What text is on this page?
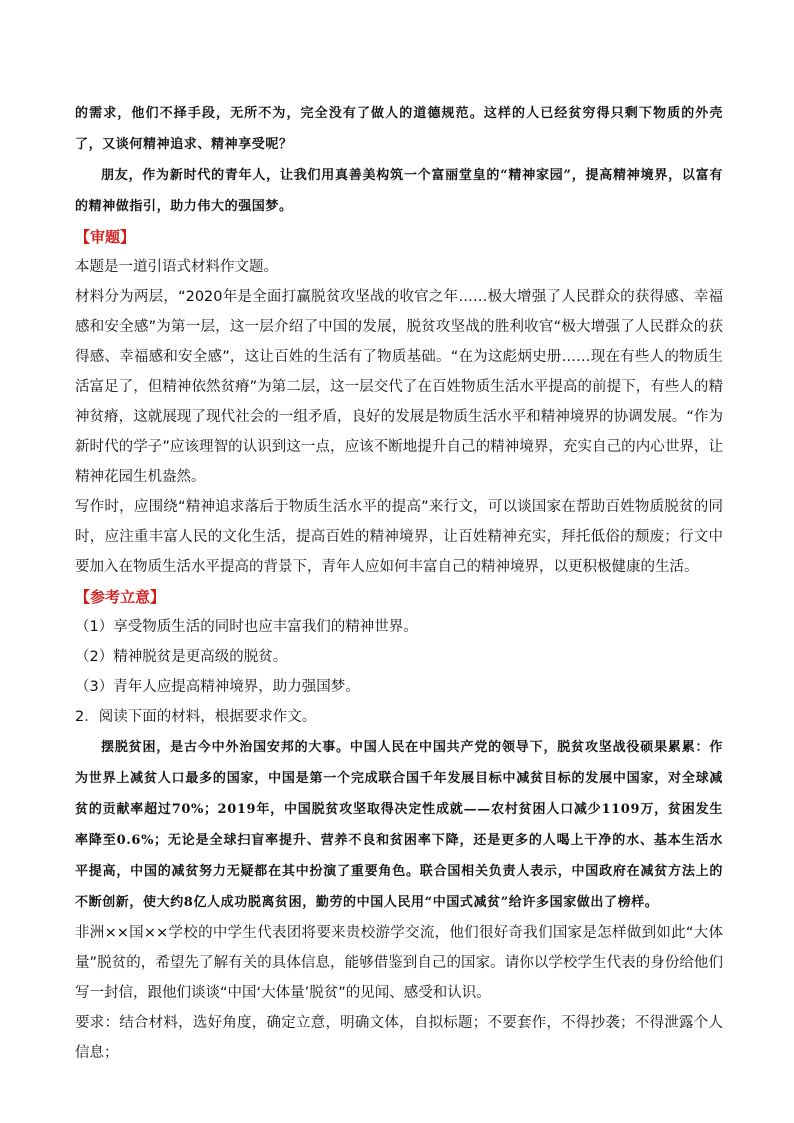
的需求，他们不择手段，无所不为，完全没有了做人的道德规范。这样的人已经贫穷得只剩下物质的外壳了，又谈何精神追求、精神享受呢？

朋友，作为新时代的青年人，让我们用真善美构筑一个富丽堂皇的“精神家园”，提高精神境界，以富有的精神做指引，助力伟大的强国梦。

【审题】

本题是一道引语式材料作文题。

材料分为两层，“2020年是全面打赢脱贫攻坚战的收官之年……极大增强了人民群众的获得感、幸福感和安全感”为第一层，这一层介绍了中国的发展，脱贫攻坚战的胜利收官“极大增强了人民群众的获得感、幸福感和安全感”，这让百姓的生活有了物质基础。“在为这彪炳史册……现在有些人的物质生活富足了，但精神依然贫瘠”为第二层，这一层交代了在百姓物质生活水平提高的前提下，有些人的精神贫瘠，这就展现了现代社会的一组矛盾，良好的发展是物质生活水平和精神境界的协调发展。“作为新时代的学子”应该理智的认识到这一点，应该不断地提升自己的精神境界，充实自己的内心世界，让精神花园生机盎然。

写作时，应围绕“精神追求落后于物质生活水平的提高”来行文，可以谈国家在帮助百姓物质脱贫的同时，应注重丰富人民的文化生活，提高百姓的精神境界，让百姓精神充实，拜托低俗的颓废；行文中要加入在物质生活水平提高的背景下，青年人应如何丰富自己的精神境界，以更积极健康的生活。

【参考立意】

（1）享受物质生活的同时也应丰富我们的精神世界。

（2）精神脱贫是更高级的脱贫。

（3）青年人应提高精神境界，助力强国梦。

2．阅读下面的材料，根据要求作文。

摆脱贫困，是古今中外治国安邦的大事。中国人民在中国共产党的领导下，脱贫攻坚战役硕果累累：作为世界上减贫人口最多的国家，中国是第一个完成联合国千年发展目标中减贫目标的发展中国家，对全球减贫的贡献率超过70%；2019年，中国脱贫攻坚取得决定性成就——农村贫困人口减少1109万，贫困发生率降至0.6%；无论是全球扫盲率提升、营养不良和贫困率下降，还是更多的人喝上干净的水、基本生活水平提高，中国的减贫努力无疑都在其中扮演了重要角色。联合国相关负责人表示，中国政府在减贫方法上的不断创新，使大约8亿人成功脱离贫困，勤劳的中国人民用“中国式减贫”给许多国家做出了榜样。

非洲××国××学校的中学生代表团将要来贵校游学交流，他们很好奇我们国家是怎样做到如此“大体量”脱贫的，希望先了解有关的具体信息，能够借鉴到自己的国家。请你以学校学生代表的身份给他们写一封信，跟他们谈谈“中国‘大体量’脱贫”的见闻、感受和认识。

要求：结合材料，选好角度，确定立意，明确文体，自拟标题；不要套作，不得抄袭；不得泄露个人信息；
